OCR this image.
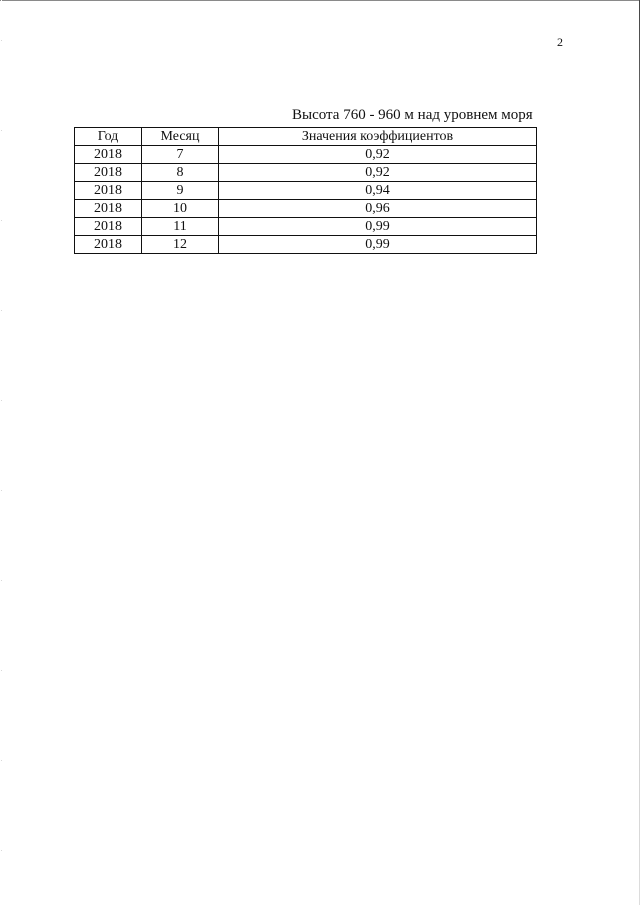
2
Высота 760 - 960 м над уровнем моря
Год	Месяц	Значения коэффициентов
2018	7	0,92
2018	8	0,92
2018	9	0,94
2018	10	0,96
2018	11	0,99
2018	12	0,99
